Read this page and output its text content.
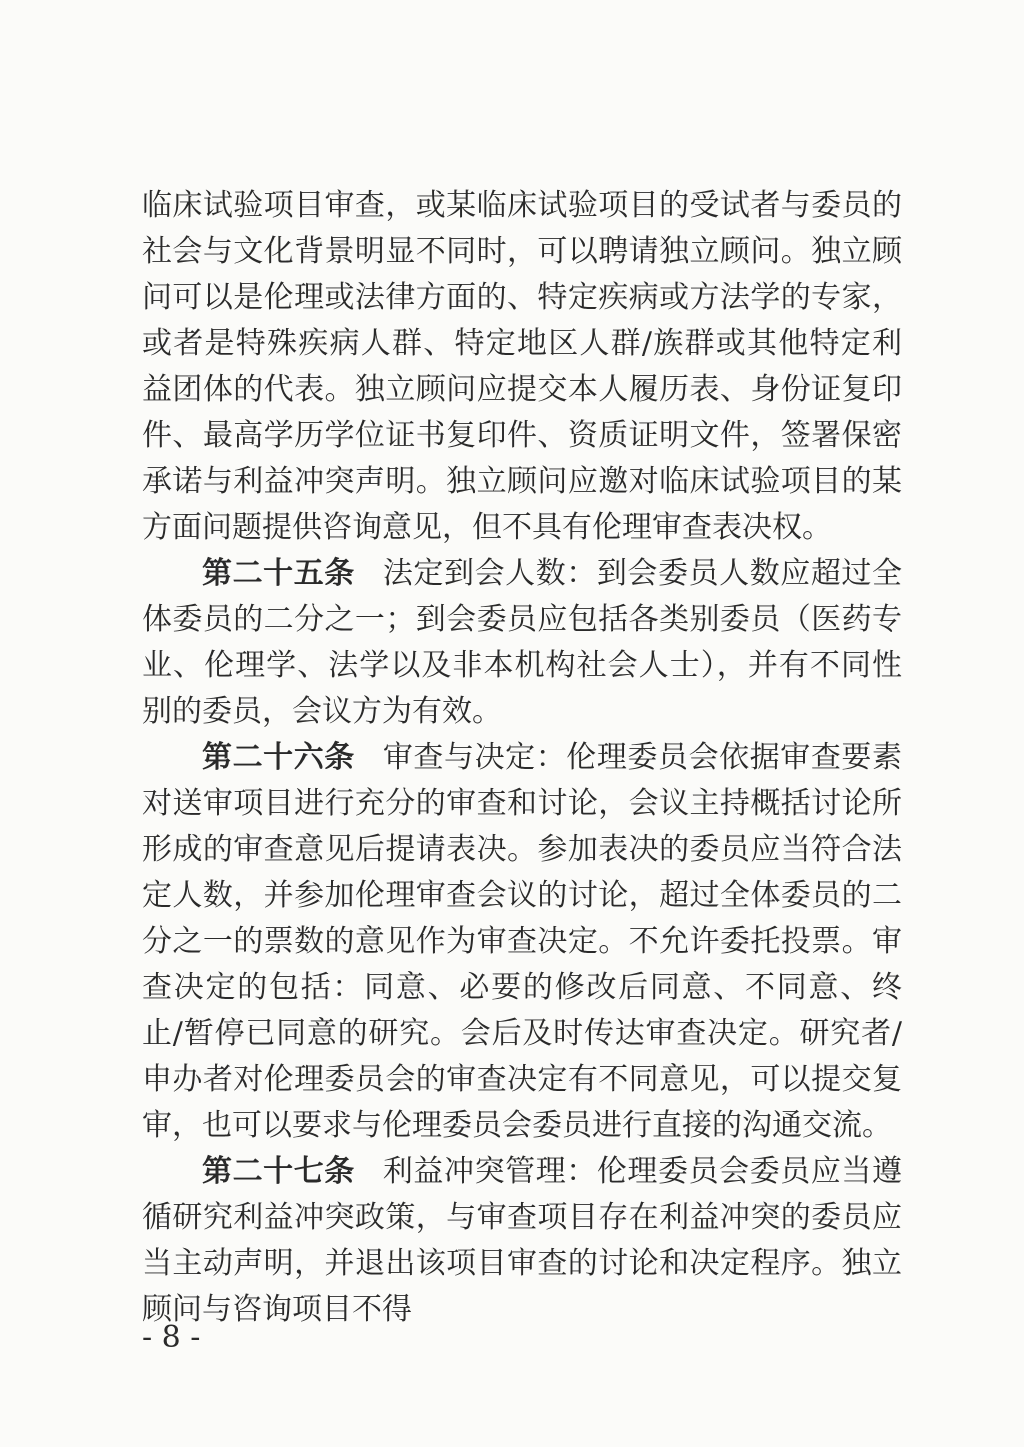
临床试验项目审查，或某临床试验项目的受试者与委员的社会与文化背景明显不同时，可以聘请独立顾问。独立顾问可以是伦理或法律方面的、特定疾病或方法学的专家，或者是特殊疾病人群、特定地区人群/族群或其他特定利益团体的代表。独立顾问应提交本人履历表、身份证复印件、最高学历学位证书复印件、资质证明文件，签署保密承诺与利益冲突声明。独立顾问应邀对临床试验项目的某方面问题提供咨询意见，但不具有伦理审查表决权。

第二十五条 法定到会人数：到会委员人数应超过全体委员的二分之一；到会委员应包括各类别委员（医药专业、伦理学、法学以及非本机构社会人士），并有不同性别的委员，会议方为有效。

第二十六条 审查与决定：伦理委员会依据审查要素对送审项目进行充分的审查和讨论，会议主持概括讨论所形成的审查意见后提请表决。参加表决的委员应当符合法定人数，并参加伦理审查会议的讨论，超过全体委员的二分之一的票数的意见作为审查决定。不允许委托投票。审查决定的包括：同意、必要的修改后同意、不同意、终止/暂停已同意的研究。会后及时传达审查决定。研究者/申办者对伦理委员会的审查决定有不同意见，可以提交复审，也可以要求与伦理委员会委员进行直接的沟通交流。

第二十七条 利益冲突管理：伦理委员会委员应当遵循研究利益冲突政策，与审查项目存在利益冲突的委员应当主动声明，并退出该项目审查的讨论和决定程序。独立顾问与咨询项目不得

- 8 -
